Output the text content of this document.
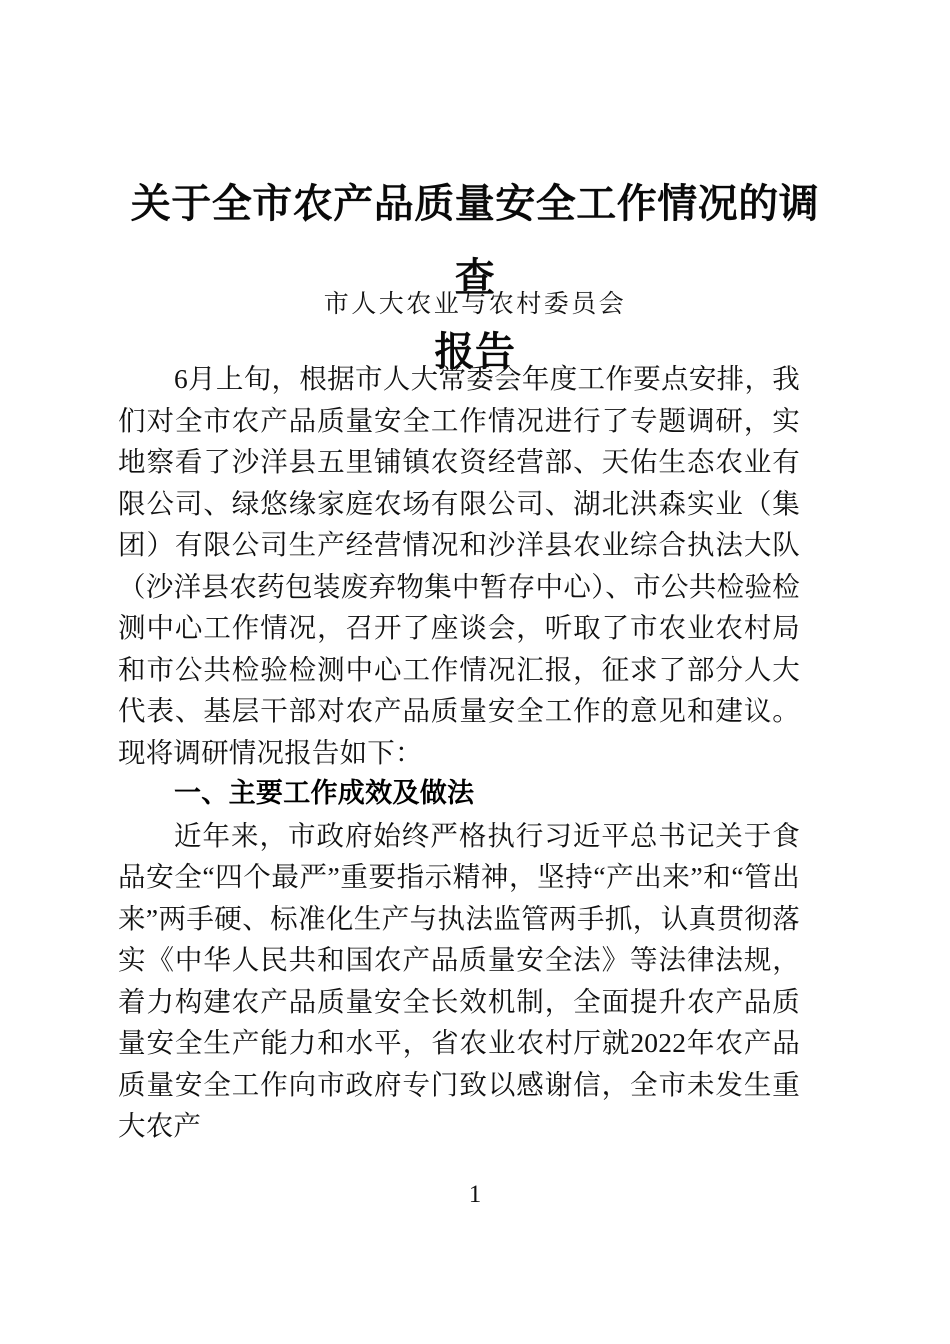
关于全市农产品质量安全工作情况的调查
报告
市人大农业与农村委员会

6月上旬，根据市人大常委会年度工作要点安排，我们对全市农产品质量安全工作情况进行了专题调研，实地察看了沙洋县五里铺镇农资经营部、天佑生态农业有限公司、绿悠缘家庭农场有限公司、湖北洪森实业（集团）有限公司生产经营情况和沙洋县农业综合执法大队（沙洋县农药包装废弃物集中暂存中心）、市公共检验检测中心工作情况，召开了座谈会，听取了市农业农村局和市公共检验检测中心工作情况汇报，征求了部分人大代表、基层干部对农产品质量安全工作的意见和建议。现将调研情况报告如下：

一、主要工作成效及做法

近年来，市政府始终严格执行习近平总书记关于食品安全“四个最严”重要指示精神，坚持“产出来”和“管出来”两手硬、标准化生产与执法监管两手抓，认真贯彻落实《中华人民共和国农产品质量安全法》等法律法规，着力构建农产品质量安全长效机制，全面提升农产品质量安全生产能力和水平，省农业农村厅就2022年农产品质量安全工作向市政府专门致以感谢信，全市未发生重大农产

1
